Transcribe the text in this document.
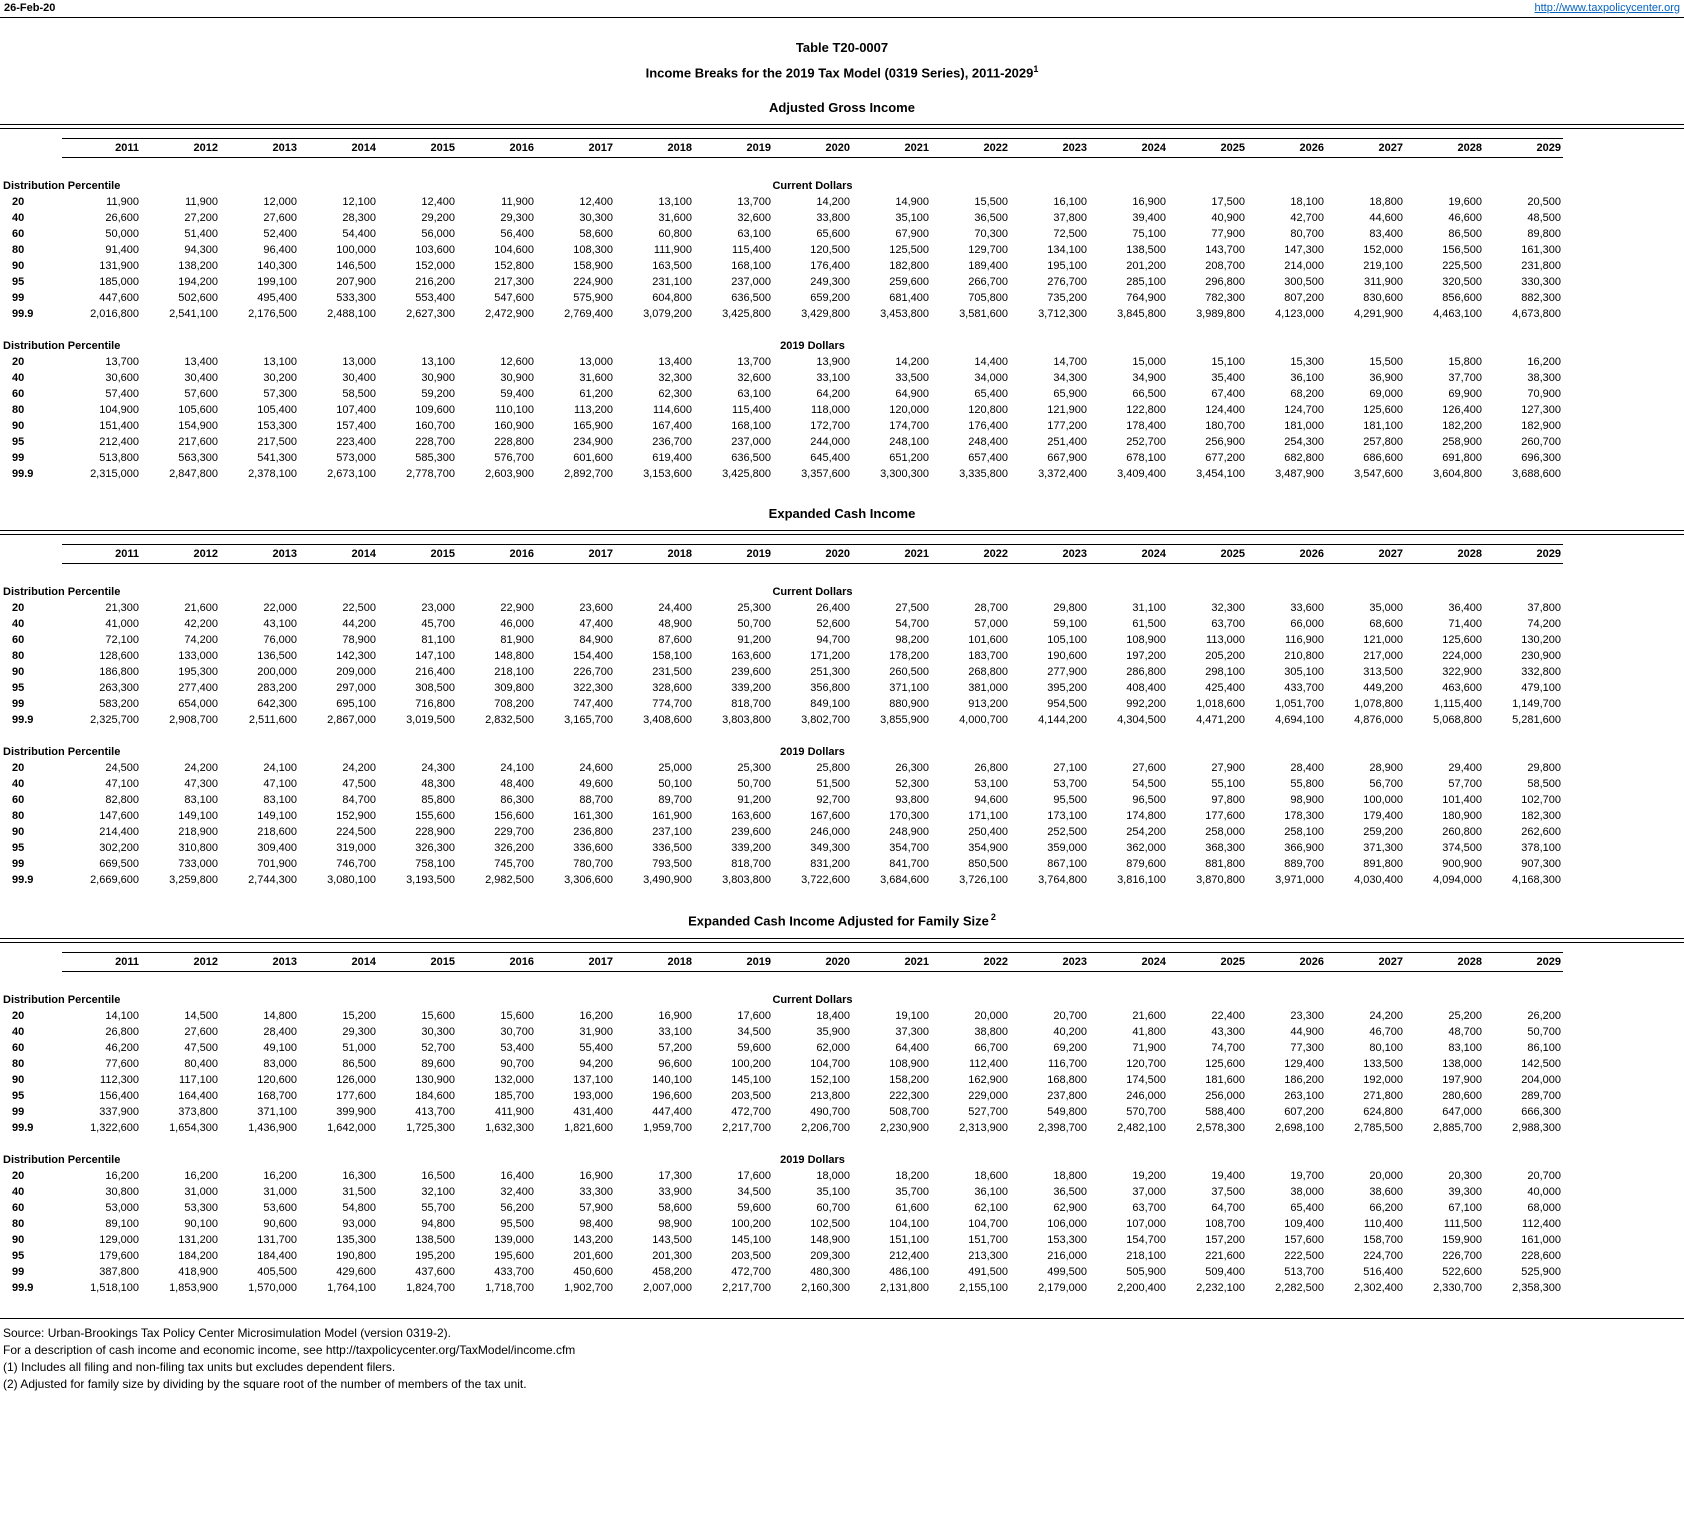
26-Feb-20	http://www.taxpolicycenter.org
Table T20-0007
Income Breaks for the 2019 Tax Model (0319 Series), 2011-2029$^1$
Adjusted Gross Income
	2011	2012	2013	2014	2015	2016	2017	2018	2019	2020	2021	2022	2023	2024	2025	2026	2027	2028	2029

Distribution Percentile	Current Dollars																		
20	11,900	11,900	12,000	12,100	12,400	11,900	12,400	13,100	13,700	14,200	14,900	15,500	16,100	16,900	17,500	18,100	18,800	19,600	20,500
40	26,600	27,200	27,600	28,300	29,200	29,300	30,300	31,600	32,600	33,800	35,100	36,500	37,800	39,400	40,900	42,700	44,600	46,600	48,500
60	50,000	51,400	52,400	54,400	56,000	56,400	58,600	60,800	63,100	65,600	67,900	70,300	72,500	75,100	77,900	80,700	83,400	86,500	89,800
80	91,400	94,300	96,400	100,000	103,600	104,600	108,300	111,900	115,400	120,500	125,500	129,700	134,100	138,500	143,700	147,300	152,000	156,500	161,300
90	131,900	138,200	140,300	146,500	152,000	152,800	158,900	163,500	168,100	176,400	182,800	189,400	195,100	201,200	208,700	214,000	219,100	225,500	231,800
95	185,000	194,200	199,100	207,900	216,200	217,300	224,900	231,100	237,000	249,300	259,600	266,700	276,700	285,100	296,800	300,500	311,900	320,500	330,300
99	447,600	502,600	495,400	533,300	553,400	547,600	575,900	604,800	636,500	659,200	681,400	705,800	735,200	764,900	782,300	807,200	830,600	856,600	882,300
99.9	2,016,800	2,541,100	2,176,500	2,488,100	2,627,300	2,472,900	2,769,400	3,079,200	3,425,800	3,429,800	3,453,800	3,581,600	3,712,300	3,845,800	3,989,800	4,123,000	4,291,900	4,463,100	4,673,800

Distribution Percentile	2019 Dollars																		
20	13,700	13,400	13,100	13,000	13,100	12,600	13,000	13,400	13,700	13,900	14,200	14,400	14,700	15,000	15,100	15,300	15,500	15,800	16,200
40	30,600	30,400	30,200	30,400	30,900	30,900	31,600	32,300	32,600	33,100	33,500	34,000	34,300	34,900	35,400	36,100	36,900	37,700	38,300
60	57,400	57,600	57,300	58,500	59,200	59,400	61,200	62,300	63,100	64,200	64,900	65,400	65,900	66,500	67,400	68,200	69,000	69,900	70,900
80	104,900	105,600	105,400	107,400	109,600	110,100	113,200	114,600	115,400	118,000	120,000	120,800	121,900	122,800	124,400	124,700	125,600	126,400	127,300
90	151,400	154,900	153,300	157,400	160,700	160,900	165,900	167,400	168,100	172,700	174,700	176,400	177,200	178,400	180,700	181,000	181,100	182,200	182,900
95	212,400	217,600	217,500	223,400	228,700	228,800	234,900	236,700	237,000	244,000	248,100	248,400	251,400	252,700	256,900	254,300	257,800	258,900	260,700
99	513,800	563,300	541,300	573,000	585,300	576,700	601,600	619,400	636,500	645,400	651,200	657,400	667,900	678,100	677,200	682,800	686,600	691,800	696,300
99.9	2,315,000	2,847,800	2,378,100	2,673,100	2,778,700	2,603,900	2,892,700	3,153,600	3,425,800	3,357,600	3,300,300	3,335,800	3,372,400	3,409,400	3,454,100	3,487,900	3,547,600	3,604,800	3,688,600

Expanded Cash Income
	2011	2012	2013	2014	2015	2016	2017	2018	2019	2020	2021	2022	2023	2024	2025	2026	2027	2028	2029

Distribution Percentile	Current Dollars																		
20	21,300	21,600	22,000	22,500	23,000	22,900	23,600	24,400	25,300	26,400	27,500	28,700	29,800	31,100	32,300	33,600	35,000	36,400	37,800
40	41,000	42,200	43,100	44,200	45,700	46,000	47,400	48,900	50,700	52,600	54,700	57,000	59,100	61,500	63,700	66,000	68,600	71,400	74,200
60	72,100	74,200	76,000	78,900	81,100	81,900	84,900	87,600	91,200	94,700	98,200	101,600	105,100	108,900	113,000	116,900	121,000	125,600	130,200
80	128,600	133,000	136,500	142,300	147,100	148,800	154,400	158,100	163,600	171,200	178,200	183,700	190,600	197,200	205,200	210,800	217,000	224,000	230,900
90	186,800	195,300	200,000	209,000	216,400	218,100	226,700	231,500	239,600	251,300	260,500	268,800	277,900	286,800	298,100	305,100	313,500	322,900	332,800
95	263,300	277,400	283,200	297,000	308,500	309,800	322,300	328,600	339,200	356,800	371,100	381,000	395,200	408,400	425,400	433,700	449,200	463,600	479,100
99	583,200	654,000	642,300	695,100	716,800	708,200	747,400	774,700	818,700	849,100	880,900	913,200	954,500	992,200	1,018,600	1,051,700	1,078,800	1,115,400	1,149,700
99.9	2,325,700	2,908,700	2,511,600	2,867,000	3,019,500	2,832,500	3,165,700	3,408,600	3,803,800	3,802,700	3,855,900	4,000,700	4,144,200	4,304,500	4,471,200	4,694,100	4,876,000	5,068,800	5,281,600

Distribution Percentile	2019 Dollars																		
20	24,500	24,200	24,100	24,200	24,300	24,100	24,600	25,000	25,300	25,800	26,300	26,800	27,100	27,600	27,900	28,400	28,900	29,400	29,800
40	47,100	47,300	47,100	47,500	48,300	48,400	49,600	50,100	50,700	51,500	52,300	53,100	53,700	54,500	55,100	55,800	56,700	57,700	58,500
60	82,800	83,100	83,100	84,700	85,800	86,300	88,700	89,700	91,200	92,700	93,800	94,600	95,500	96,500	97,800	98,900	100,000	101,400	102,700
80	147,600	149,100	149,100	152,900	155,600	156,600	161,300	161,900	163,600	167,600	170,300	171,100	173,100	174,800	177,600	178,300	179,400	180,900	182,300
90	214,400	218,900	218,600	224,500	228,900	229,700	236,800	237,100	239,600	246,000	248,900	250,400	252,500	254,200	258,000	258,100	259,200	260,800	262,600
95	302,200	310,800	309,400	319,000	326,300	326,200	336,600	336,500	339,200	349,300	354,700	354,900	359,000	362,000	368,300	366,900	371,300	374,500	378,100
99	669,500	733,000	701,900	746,700	758,100	745,700	780,700	793,500	818,700	831,200	841,700	850,500	867,100	879,600	881,800	889,700	891,800	900,900	907,300
99.9	2,669,600	3,259,800	2,744,300	3,080,100	3,193,500	2,982,500	3,306,600	3,490,900	3,803,800	3,722,600	3,684,600	3,726,100	3,764,800	3,816,100	3,870,800	3,971,000	4,030,400	4,094,000	4,168,300

Expanded Cash Income Adjusted for Family Size $^2$
	2011	2012	2013	2014	2015	2016	2017	2018	2019	2020	2021	2022	2023	2024	2025	2026	2027	2028	2029

Distribution Percentile	Current Dollars																		
20	14,100	14,500	14,800	15,200	15,600	15,600	16,200	16,900	17,600	18,400	19,100	20,000	20,700	21,600	22,400	23,300	24,200	25,200	26,200
40	26,800	27,600	28,400	29,300	30,300	30,700	31,900	33,100	34,500	35,900	37,300	38,800	40,200	41,800	43,300	44,900	46,700	48,700	50,700
60	46,200	47,500	49,100	51,000	52,700	53,400	55,400	57,200	59,600	62,000	64,400	66,700	69,200	71,900	74,700	77,300	80,100	83,100	86,100
80	77,600	80,400	83,000	86,500	89,600	90,700	94,200	96,600	100,200	104,700	108,900	112,400	116,700	120,700	125,600	129,400	133,500	138,000	142,500
90	112,300	117,100	120,600	126,000	130,900	132,000	137,100	140,100	145,100	152,100	158,200	162,900	168,800	174,500	181,600	186,200	192,000	197,900	204,000
95	156,400	164,400	168,700	177,600	184,600	185,700	193,000	196,600	203,500	213,800	222,300	229,000	237,800	246,000	256,000	263,100	271,800	280,600	289,700
99	337,900	373,800	371,100	399,900	413,700	411,900	431,400	447,400	472,700	490,700	508,700	527,700	549,800	570,700	588,400	607,200	624,800	647,000	666,300
99.9	1,322,600	1,654,300	1,436,900	1,642,000	1,725,300	1,632,300	1,821,600	1,959,700	2,217,700	2,206,700	2,230,900	2,313,900	2,398,700	2,482,100	2,578,300	2,698,100	2,785,500	2,885,700	2,988,300

Distribution Percentile	2019 Dollars																		
20	16,200	16,200	16,200	16,300	16,500	16,400	16,900	17,300	17,600	18,000	18,200	18,600	18,800	19,200	19,400	19,700	20,000	20,300	20,700
40	30,800	31,000	31,000	31,500	32,100	32,400	33,300	33,900	34,500	35,100	35,700	36,100	36,500	37,000	37,500	38,000	38,600	39,300	40,000
60	53,000	53,300	53,600	54,800	55,700	56,200	57,900	58,600	59,600	60,700	61,600	62,100	62,900	63,700	64,700	65,400	66,200	67,100	68,000
80	89,100	90,100	90,600	93,000	94,800	95,500	98,400	98,900	100,200	102,500	104,100	104,700	106,000	107,000	108,700	109,400	110,400	111,500	112,400
90	129,000	131,200	131,700	135,300	138,500	139,000	143,200	143,500	145,100	148,900	151,100	151,700	153,300	154,700	157,200	157,600	158,700	159,900	161,000
95	179,600	184,200	184,400	190,800	195,200	195,600	201,600	201,300	203,500	209,300	212,400	213,300	216,000	218,100	221,600	222,500	224,700	226,700	228,600
99	387,800	418,900	405,500	429,600	437,600	433,700	450,600	458,200	472,700	480,300	486,100	491,500	499,500	505,900	509,400	513,700	516,400	522,600	525,900
99.9	1,518,100	1,853,900	1,570,000	1,764,100	1,824,700	1,718,700	1,902,700	2,007,000	2,217,700	2,160,300	2,131,800	2,155,100	2,179,000	2,200,400	2,232,100	2,282,500	2,302,400	2,330,700	2,358,300

Source: Urban-Brookings Tax Policy Center Microsimulation Model (version 0319-2).
For a description of cash income and economic income, see http://taxpolicycenter.org/TaxModel/income.cfm
(1) Includes all filing and non-filing tax units but excludes dependent filers.
(2) Adjusted for family size by dividing by the square root of the number of members of the tax unit.
